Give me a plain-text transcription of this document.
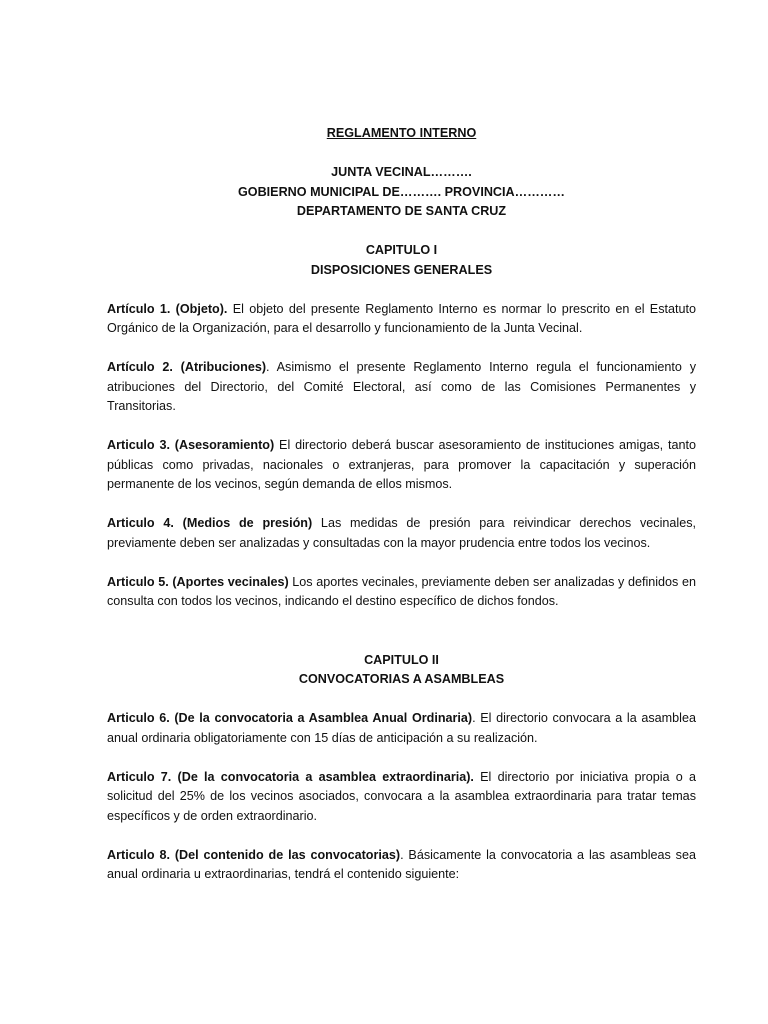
REGLAMENTO INTERNO

JUNTA VECINAL……….

GOBIERNO MUNICIPAL DE………. PROVINCIA…………

DEPARTAMENTO DE SANTA CRUZ

CAPITULO I

DISPOSICIONES GENERALES

Artículo 1. (Objeto). El objeto del presente Reglamento Interno es normar lo prescrito en el Estatuto Orgánico de la Organización, para el desarrollo y funcionamiento de la Junta Vecinal.

Artículo 2. (Atribuciones). Asimismo el presente Reglamento Interno regula el funcionamiento y atribuciones del Directorio, del Comité Electoral, así como de las Comisiones Permanentes y Transitorias.

Articulo 3. (Asesoramiento) El directorio deberá buscar asesoramiento de instituciones amigas, tanto públicas como privadas, nacionales o extranjeras, para promover la capacitación y superación permanente de los vecinos, según demanda de ellos mismos.

Articulo 4. (Medios de presión) Las medidas de presión para reivindicar derechos vecinales, previamente deben ser analizadas y consultadas con la mayor prudencia entre todos los vecinos.

Articulo 5. (Aportes vecinales) Los aportes vecinales, previamente deben ser analizadas y definidos en consulta con todos los vecinos, indicando el destino específico de dichos fondos.

CAPITULO II

CONVOCATORIAS A ASAMBLEAS

Articulo 6. (De la convocatoria a Asamblea Anual Ordinaria). El directorio convocara a la asamblea anual ordinaria obligatoriamente con 15 días de anticipación a su realización.

Articulo 7. (De la convocatoria a asamblea extraordinaria). El directorio por iniciativa propia o a solicitud del 25% de los vecinos asociados, convocara a la asamblea extraordinaria para tratar temas específicos y de orden extraordinario.

Articulo 8. (Del contenido de las convocatorias). Básicamente la convocatoria a las asambleas sea anual ordinaria u extraordinarias, tendrá el contenido siguiente:
